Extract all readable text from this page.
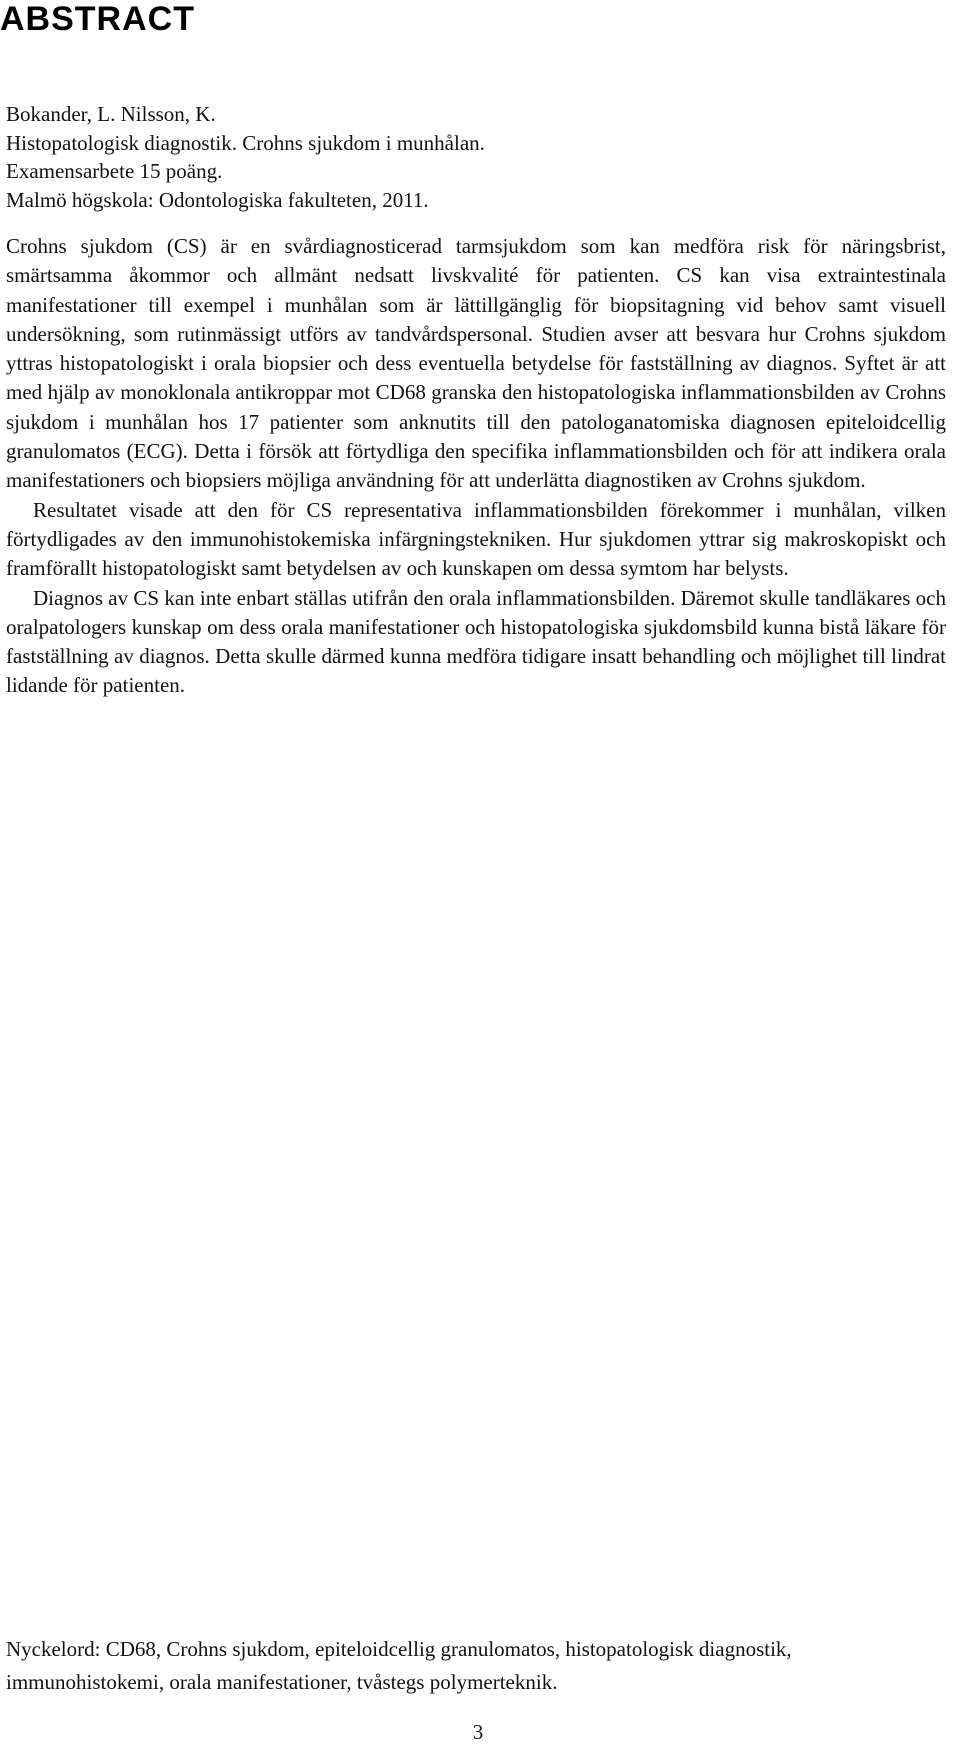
ABSTRACT
Bokander, L. Nilsson, K.
Histopatologisk diagnostik. Crohns sjukdom i munhålan.
Examensarbete 15 poäng.
Malmö högskola: Odontologiska fakulteten, 2011.

Crohns sjukdom (CS) är en svårdiagnosticerad tarmsjukdom som kan medföra risk för näringsbrist, smärtsamma åkommor och allmänt nedsatt livskvalité för patienten. CS kan visa extraintestinala manifestationer till exempel i munhålan som är lättillgänglig för biopsitagning vid behov samt visuell undersökning, som rutinmässigt utförs av tandvårdspersonal. Studien avser att besvara hur Crohns sjukdom yttras histopatologiskt i orala biopsier och dess eventuella betydelse för fastställning av diagnos. Syftet är att med hjälp av monoklonala antikroppar mot CD68 granska den histopatologiska inflammationsbilden av Crohns sjukdom i munhålan hos 17 patienter som anknutits till den patologanatomiska diagnosen epiteloidcellig granulomatos (ECG). Detta i försök att förtydliga den specifika inflammationsbilden och för att indikera orala manifestationers och biopsiers möjliga användning för att underlätta diagnostiken av Crohns sjukdom.

Resultatet visade att den för CS representativa inflammationsbilden förekommer i munhålan, vilken förtydligades av den immunohistokemiska infärgningstekniken. Hur sjukdomen yttrar sig makroskopiskt och framförallt histopatologiskt samt betydelsen av och kunskapen om dessa symtom har belysts.

Diagnos av CS kan inte enbart ställas utifrån den orala inflammationsbilden. Däremot skulle tandläkares och oralpatologers kunskap om dess orala manifestationer och histopatologiska sjukdomsbild kunna bistå läkare för fastställning av diagnos. Detta skulle därmed kunna medföra tidigare insatt behandling och möjlighet till lindrat lidande för patienten.

Nyckelord: CD68, Crohns sjukdom, epiteloidcellig granulomatos, histopatologisk diagnostik, immunohistokemi, orala manifestationer, tvåstegs polymerteknik.

3
